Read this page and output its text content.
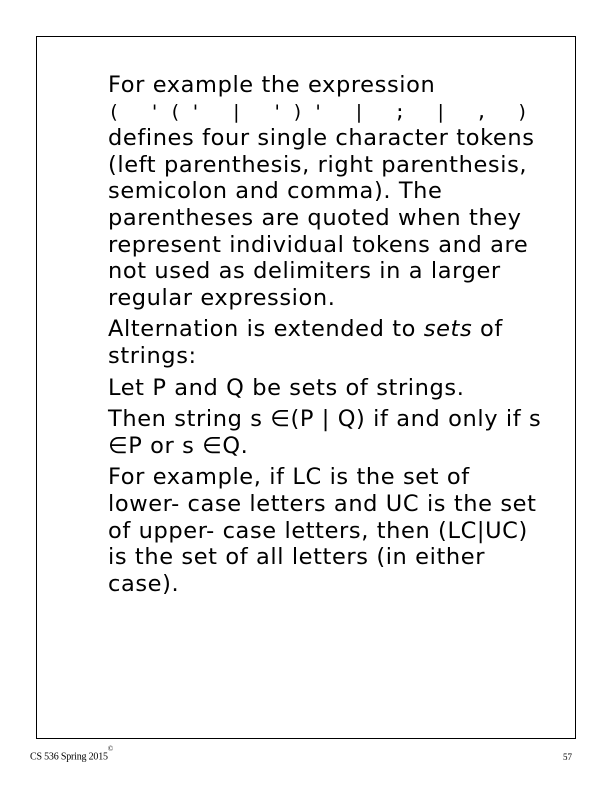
For example the expression
( '(' | ')' | ; | , )
defines four single character tokens (left parenthesis, right parenthesis, semicolon and comma). The parentheses are quoted when they represent individual tokens and are not used as delimiters in a larger regular expression.

Alternation is extended to sets of strings:

Let P and Q be sets of strings.

Then string s ∈(P | Q) if and only if s ∈P or s ∈Q.

For example, if LC is the set of lower- case letters and UC is the set of upper- case letters, then (LC|UC) is the set of all letters (in either case).

CS 536 Spring 2015©
57
